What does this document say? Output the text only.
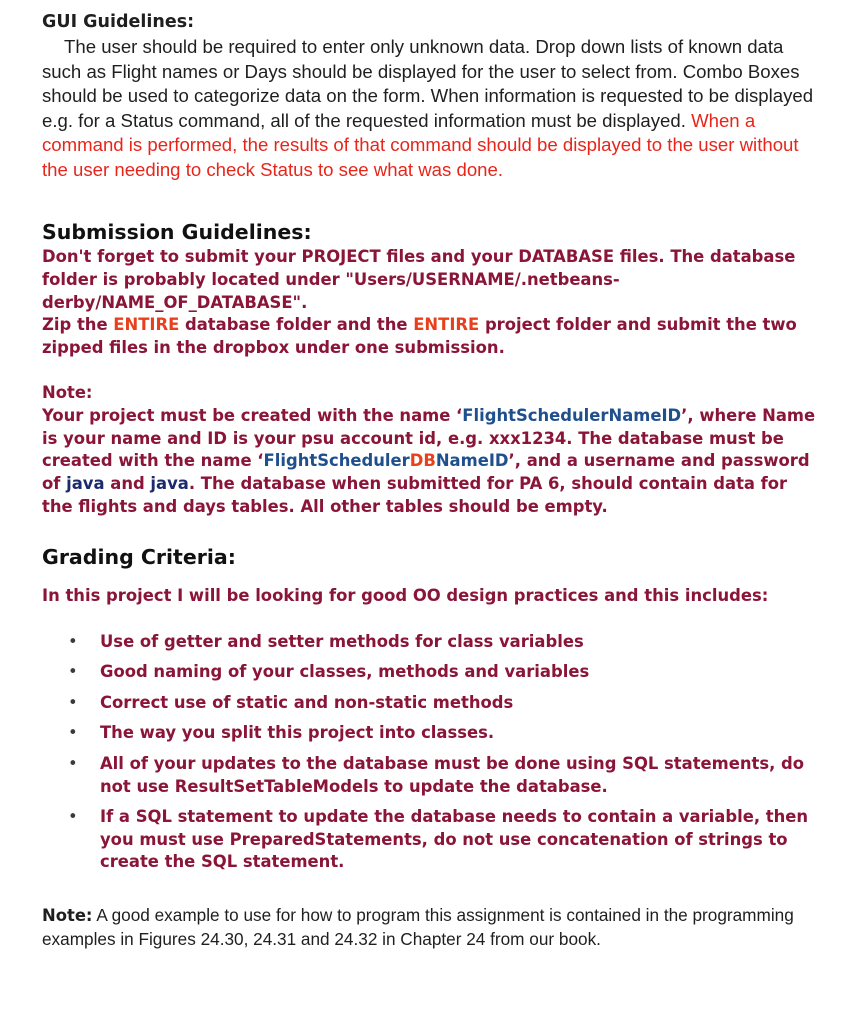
GUI Guidelines:

The user should be required to enter only unknown data. Drop down lists of known data such as Flight names or Days should be displayed for the user to select from. Combo Boxes should be used to categorize data on the form. When information is requested to be displayed e.g. for a Status command, all of the requested information must be displayed. When a command is performed, the results of that command should be displayed to the user without the user needing to check Status to see what was done.

Submission Guidelines:

Don't forget to submit your PROJECT files and your DATABASE files. The database folder is probably located under "Users/USERNAME/.netbeans-derby/NAME_OF_DATABASE".

Zip the ENTIRE database folder and the ENTIRE project folder and submit the two zipped files in the dropbox under one submission.

Note:

Your project must be created with the name ‘FlightSchedulerNameID’, where Name is your name and ID is your psu account id, e.g. xxx1234. The database must be created with the name ‘FlightSchedulerDBNameID’, and a username and password of java and java. The database when submitted for PA 6, should contain data for the flights and days tables. All other tables should be empty.

Grading Criteria:

In this project I will be looking for good OO design practices and this includes:

• Use of getter and setter methods for class variables
• Good naming of your classes, methods and variables
• Correct use of static and non-static methods
• The way you split this project into classes.
• All of your updates to the database must be done using SQL statements, do not use ResultSetTableModels to update the database.
• If a SQL statement to update the database needs to contain a variable, then you must use PreparedStatements, do not use concatenation of strings to create the SQL statement.

Note: A good example to use for how to program this assignment is contained in the programming examples in Figures 24.30, 24.31 and 24.32 in Chapter 24 from our book.
